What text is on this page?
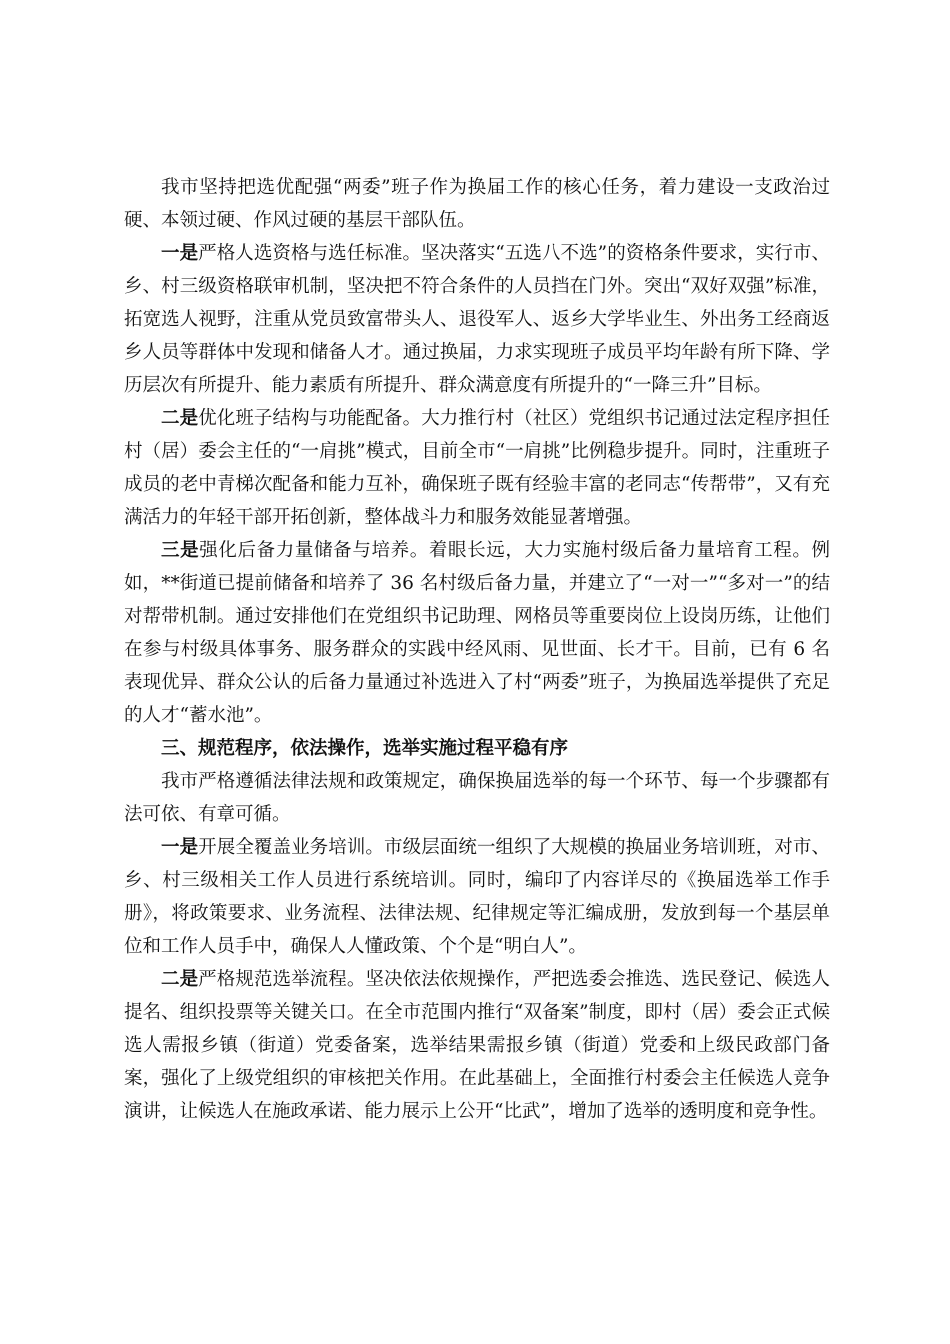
我市坚持把选优配强“两委”班子作为换届工作的核心任务，着力建设一支政治过硬、本领过硬、作风过硬的基层干部队伍。

一是严格人选资格与选任标准。坚决落实“五选八不选”的资格条件要求，实行市、乡、村三级资格联审机制，坚决把不符合条件的人员挡在门外。突出“双好双强”标准，拓宽选人视野，注重从党员致富带头人、退役军人、返乡大学毕业生、外出务工经商返乡人员等群体中发现和储备人才。通过换届，力求实现班子成员平均年龄有所下降、学历层次有所提升、能力素质有所提升、群众满意度有所提升的“一降三升”目标。

二是优化班子结构与功能配备。大力推行村（社区）党组织书记通过法定程序担任村（居）委会主任的“一肩挑”模式，目前全市“一肩挑”比例稳步提升。同时，注重班子成员的老中青梯次配备和能力互补，确保班子既有经验丰富的老同志“传帮带”，又有充满活力的年轻干部开拓创新，整体战斗力和服务效能显著增强。

三是强化后备力量储备与培养。着眼长远，大力实施村级后备力量培育工程。例如，**街道已提前储备和培养了 36 名村级后备力量，并建立了“一对一”“多对一”的结对帮带机制。通过安排他们在党组织书记助理、网格员等重要岗位上设岗历练，让他们在参与村级具体事务、服务群众的实践中经风雨、见世面、长才干。目前，已有 6 名表现优异、群众公认的后备力量通过补选进入了村“两委”班子，为换届选举提供了充足的人才“蓄水池”。

三、规范程序，依法操作，选举实施过程平稳有序

我市严格遵循法律法规和政策规定，确保换届选举的每一个环节、每一个步骤都有法可依、有章可循。

一是开展全覆盖业务培训。市级层面统一组织了大规模的换届业务培训班，对市、乡、村三级相关工作人员进行系统培训。同时，编印了内容详尽的《换届选举工作手册》，将政策要求、业务流程、法律法规、纪律规定等汇编成册，发放到每一个基层单位和工作人员手中，确保人人懂政策、个个是“明白人”。

二是严格规范选举流程。坚决依法依规操作，严把选委会推选、选民登记、候选人提名、组织投票等关键关口。在全市范围内推行“双备案”制度，即村（居）委会正式候选人需报乡镇（街道）党委备案，选举结果需报乡镇（街道）党委和上级民政部门备案，强化了上级党组织的审核把关作用。在此基础上，全面推行村委会主任候选人竞争演讲，让候选人在施政承诺、能力展示上公开“比武”，增加了选举的透明度和竞争性。
